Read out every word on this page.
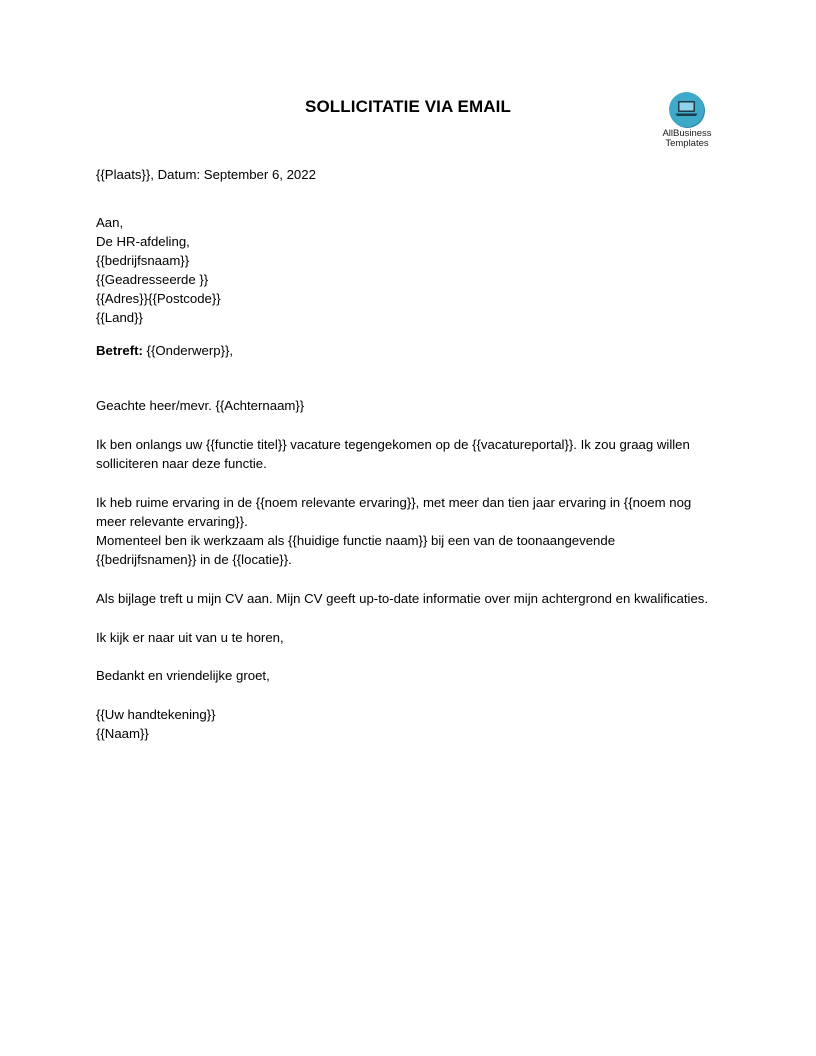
SOLLICITATIE VIA EMAIL
AllBusiness
Templates
{{Plaats}}, Datum: September 6, 2022
Aan,
De HR-afdeling,
{{bedrijfsnaam}}
{{Geadresseerde }}
{{Adres}}{{Postcode}}
{{Land}}
Betreft: {{Onderwerp}},
Geachte heer/mevr. {{Achternaam}}
Ik ben onlangs uw {{functie titel}} vacature tegengekomen op de {{vacatureportal}}. Ik zou graag willen
solliciteren naar deze functie.
Ik heb ruime ervaring in de {{noem relevante ervaring}}, met meer dan tien jaar ervaring in {{noem nog
meer relevante ervaring}}.
Momenteel ben ik werkzaam als {{huidige functie naam}} bij een van de toonaangevende
{{bedrijfsnamen}} in de {{locatie}}.
Als bijlage treft u mijn CV aan. Mijn CV geeft up-to-date informatie over mijn achtergrond en kwalificaties.
Ik kijk er naar uit van u te horen,
Bedankt en vriendelijke groet,
{{Uw handtekening}}
{{Naam}}
